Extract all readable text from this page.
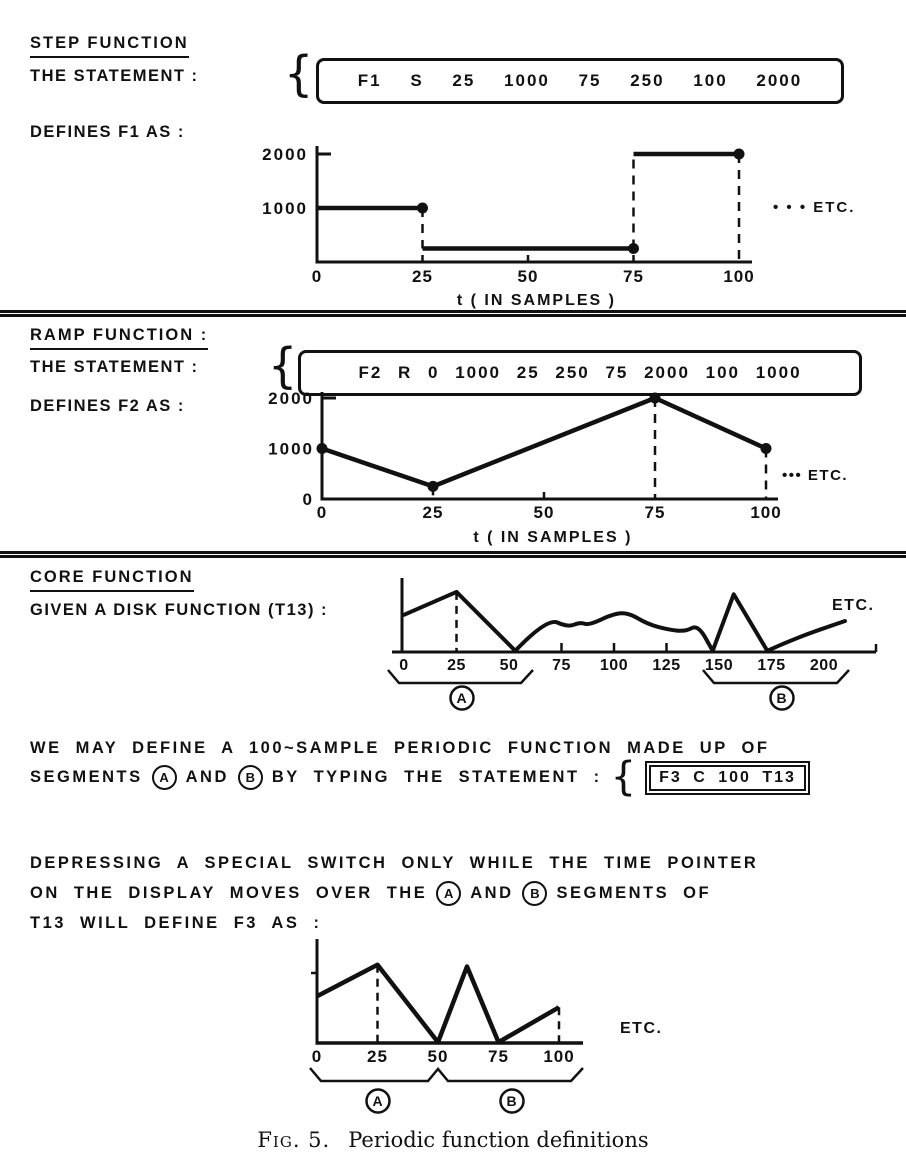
STEP FUNCTION
THE STATEMENT : {	F1 S 25 1000 75 250 100 2000
DEFINES F1 AS :
1000
2000
0	25	50	75	100
t ( IN SAMPLES )
• • • ETC.
RAMP FUNCTION :
THE STATEMENT : {	F2 R 0 1000 25 250 75 2000 100 1000
DEFINES F2 AS :
0
1000
2000
0	25	50	75	100
t ( IN SAMPLES )
••• ETC.
CORE FUNCTION
GIVEN A DISK FUNCTION (T13) :
0 25 50 75 100 125 150 175 200
A	B
ETC.
WE MAY DEFINE A 100~SAMPLE PERIODIC FUNCTION MADE UP OF
SEGMENTS A AND B BY TYPING THE STATEMENT : { F3 C 100 T13
DEPRESSING A SPECIAL SWITCH ONLY WHILE THE TIME POINTER
ON THE DISPLAY MOVES OVER THE A AND B SEGMENTS OF
T13 WILL DEFINE F3 AS :
0	25 50 75 100
A	B
ETC.
Fig. 5. Periodic function definitions
